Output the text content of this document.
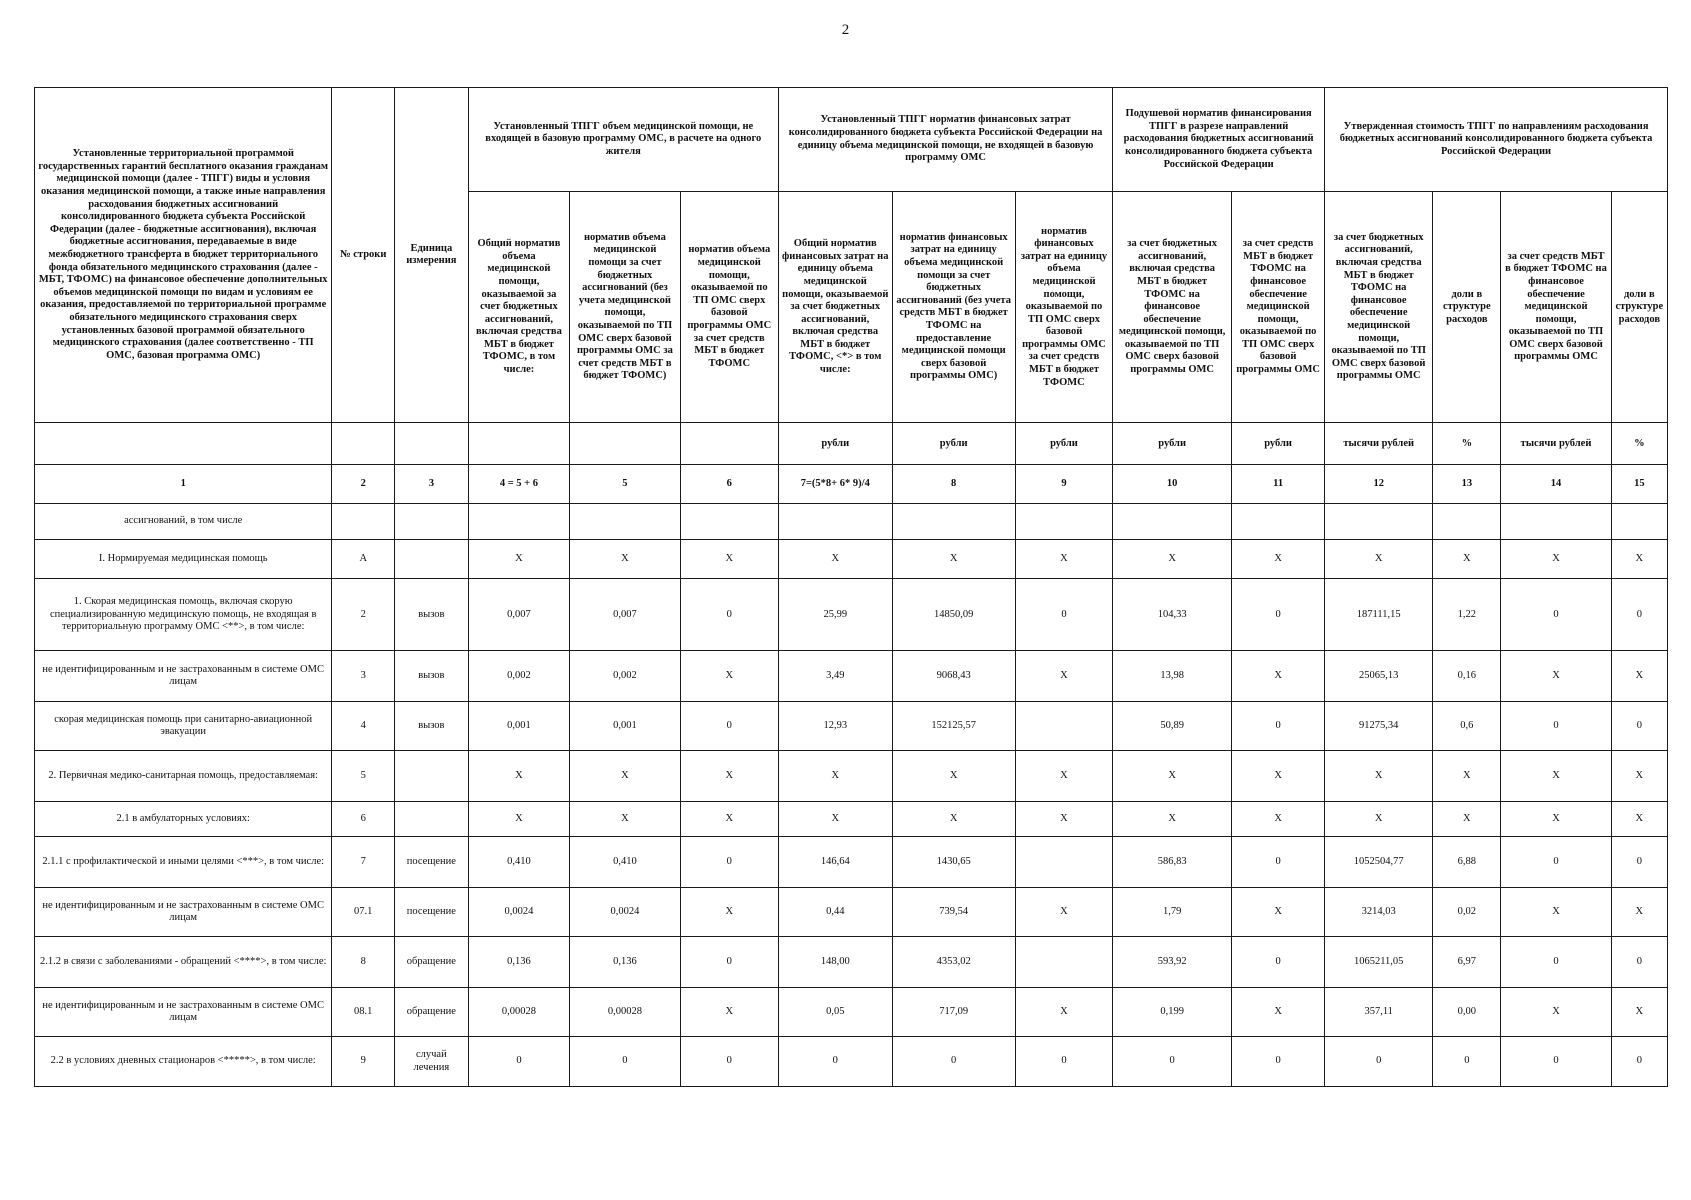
2
Установленные территориальной программой государственных гарантий бесплатного оказания гражданам медицинской помощи (далее - ТПГГ) виды и условия оказания медицинской помощи, а также иные направления расходования бюджетных ассигнований консолидированного бюджета субъекта Российской Федерации (далее - бюджетные ассигнования), включая бюджетные ассигнования, передаваемые в виде межбюджетного трансферта в бюджет территориального фонда обязательного медицинского страхования (далее - МБТ, ТФОМС) на финансовое обеспечение дополнительных объемов медицинской помощи по видам и условиям ее оказания, предоставляемой по территориальной программе обязательного медицинского страхования сверх установленных базовой программой обязательного медицинского страхования (далее соответственно - ТП ОМС, базовая программа ОМС)	№ строки	Единица измерения	Установленный ТПГГ объем медицинской помощи, не входящей в базовую программу ОМС, в расчете на одного жителя			Установленный ТПГГ норматив финансовых затрат консолидированного бюджета субъекта Российской Федерации на единицу объема медицинской помощи, не входящей в базовую программу ОМС			Подушевой норматив финансирования ТПГГ в разрезе направлений расходования бюджетных ассигнований консолидированного бюджета субъекта Российской Федерации		Утвержденная стоимость ТПГГ по направлениям расходования бюджетных ассигнований консолидированного бюджета субъекта Российской Федерации			
			Общий норматив объема медицинской помощи, оказываемой за счет бюджетных ассигнований, включая средства МБТ в бюджет ТФОМС, в том числе:	норматив объема медицинской помощи за счет бюджетных ассигнований (без учета медицинской помощи, оказываемой по ТП ОМС сверх базовой программы ОМС за счет средств МБТ в бюджет ТФОМС)	норматив объема медицинской помощи, оказываемой по ТП ОМС сверх базовой программы ОМС за счет средств МБТ в бюджет ТФОМС	Общий норматив финансовых затрат на единицу объема медицинской помощи, оказываемой за счет бюджетных ассигнований, включая средства МБТ в бюджет ТФОМС, <*> в том числе:	норматив финансовых затрат на единицу объема медицинской помощи за счет бюджетных ассигнований (без учета средств МБТ в бюджет ТФОМС на предоставление медицинской помощи сверх базовой программы ОМС)	норматив финансовых затрат на единицу объема медицинской помощи, оказываемой по ТП ОМС сверх базовой программы ОМС за счет средств МБТ в бюджет ТФОМС	за счет бюджетных ассигнований, включая средства МБТ в бюджет ТФОМС на финансовое обеспечение медицинской помощи, оказываемой по ТП ОМС сверх базовой программы ОМС	за счет средств МБТ в бюджет ТФОМС на финансовое обеспечение медицинской помощи, оказываемой по ТП ОМС сверх базовой программы ОМС	за счет бюджетных ассигнований, включая средства МБТ в бюджет ТФОМС на финансовое обеспечение медицинской помощи, оказываемой по ТП ОМС сверх базовой программы ОМС	доли в структуре расходов	за счет средств МБТ в бюджет ТФОМС на финансовое обеспечение медицинской помощи, оказываемой по ТП ОМС сверх базовой программы ОМС	доли в структуре расходов
						рубли	рубли	рубли	рубли	рубли	тысячи рублей	%	тысячи рублей	%
1	2	3	4 = 5 + 6	5	6	7=(5*8+ 6* 9)/4	8	9	10	11	12	13	14	15
ассигнований, в том числе														
I. Нормируемая медицинская помощь	А		Х	Х	Х	Х	Х	Х	Х	Х	Х	Х	Х	Х
1. Скорая медицинская помощь, включая скорую специализированную медицинскую помощь, не входящая в территориальную программу ОМС <**>, в том числе:	2	вызов	0,007	0,007	0	25,99	14850,09	0	104,33	0	187111,15	1,22	0	0
не идентифицированным и не застрахованным в системе ОМС лицам	3	вызов	0,002	0,002	Х	3,49	9068,43	Х	13,98	Х	25065,13	0,16	Х	Х
скорая медицинская помощь при санитарно-авиационной эвакуации	4	вызов	0,001	0,001	0	12,93	152125,57		50,89	0	91275,34	0,6	0	0
2. Первичная медико-санитарная помощь, предоставляемая:	5		Х	Х	Х	Х	Х	Х	Х	Х	Х	Х	Х	Х
2.1 в амбулаторных условиях:	6		Х	Х	Х	Х	Х	Х	Х	Х	Х	Х	Х	Х
2.1.1 с профилактической и иными целями <***>, в том числе:	7	посещение	0,410	0,410	0	146,64	1430,65		586,83	0	1052504,77	6,88	0	0
не идентифицированным и не застрахованным в системе ОМС лицам	07.1	посещение	0,0024	0,0024	Х	0,44	739,54	Х	1,79	Х	3214,03	0,02	Х	Х
2.1.2 в связи с заболеваниями - обращений <****>, в том числе:	8	обращение	0,136	0,136	0	148,00	4353,02		593,92	0	1065211,05	6,97	0	0
не идентифицированным и не застрахованным в системе ОМС лицам	08.1	обращение	0,00028	0,00028	Х	0,05	717,09	Х	0,199	Х	357,11	0,00	Х	Х
2.2 в условиях дневных стационаров <*****>, в том числе:	9	случай лечения	0	0	0	0	0	0	0	0	0	0	0	0
